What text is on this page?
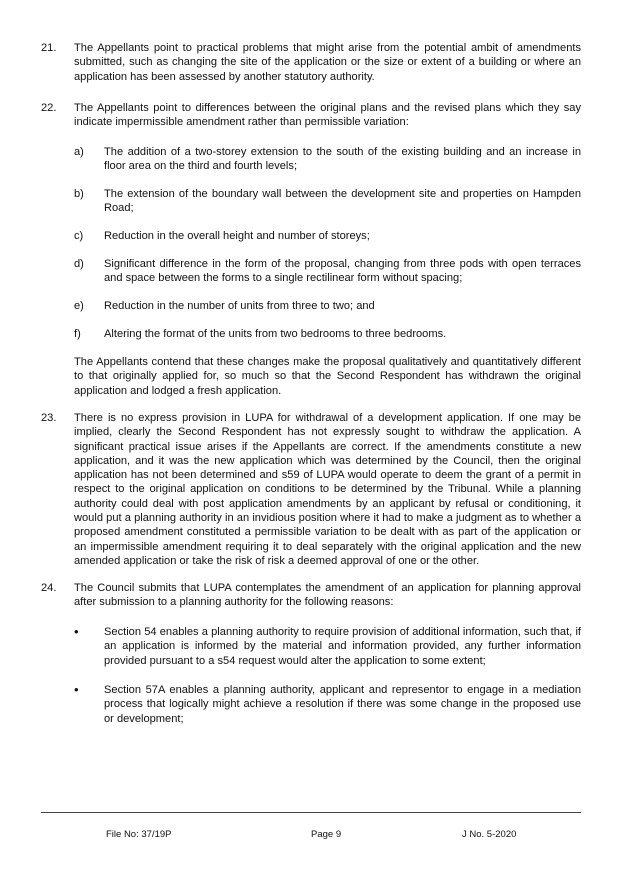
21.	The Appellants point to practical problems that might arise from the potential ambit of amendments submitted, such as changing the site of the application or the size or extent of a building or where an application has been assessed by another statutory authority.
22.	The Appellants point to differences between the original plans and the revised plans which they say indicate impermissible amendment rather than permissible variation:
a)	The addition of a two-storey extension to the south of the existing building and an increase in floor area on the third and fourth levels;
b)	The extension of the boundary wall between the development site and properties on Hampden Road;
c)	Reduction in the overall height and number of storeys;
d)	Significant difference in the form of the proposal, changing from three pods with open terraces and space between the forms to a single rectilinear form without spacing;
e)	Reduction in the number of units from three to two; and
f)	Altering the format of the units from two bedrooms to three bedrooms.
The Appellants contend that these changes make the proposal qualitatively and quantitatively different to that originally applied for, so much so that the Second Respondent has withdrawn the original application and lodged a fresh application.
23.	There is no express provision in LUPA for withdrawal of a development application. If one may be implied, clearly the Second Respondent has not expressly sought to withdraw the application. A significant practical issue arises if the Appellants are correct. If the amendments constitute a new application, and it was the new application which was determined by the Council, then the original application has not been determined and s59 of LUPA would operate to deem the grant of a permit in respect to the original application on conditions to be determined by the Tribunal. While a planning authority could deal with post application amendments by an applicant by refusal or conditioning, it would put a planning authority in an invidious position where it had to make a judgment as to whether a proposed amendment constituted a permissible variation to be dealt with as part of the application or an impermissible amendment requiring it to deal separately with the original application and the new amended application or take the risk of risk a deemed approval of one or the other.
24.	The Council submits that LUPA contemplates the amendment of an application for planning approval after submission to a planning authority for the following reasons:
•	Section 54 enables a planning authority to require provision of additional information, such that, if an application is informed by the material and information provided, any further information provided pursuant to a s54 request would alter the application to some extent;
•	Section 57A enables a planning authority, applicant and representor to engage in a mediation process that logically might achieve a resolution if there was some change in the proposed use or development;
File No: 37/19P	Page 9	J No. 5-2020
